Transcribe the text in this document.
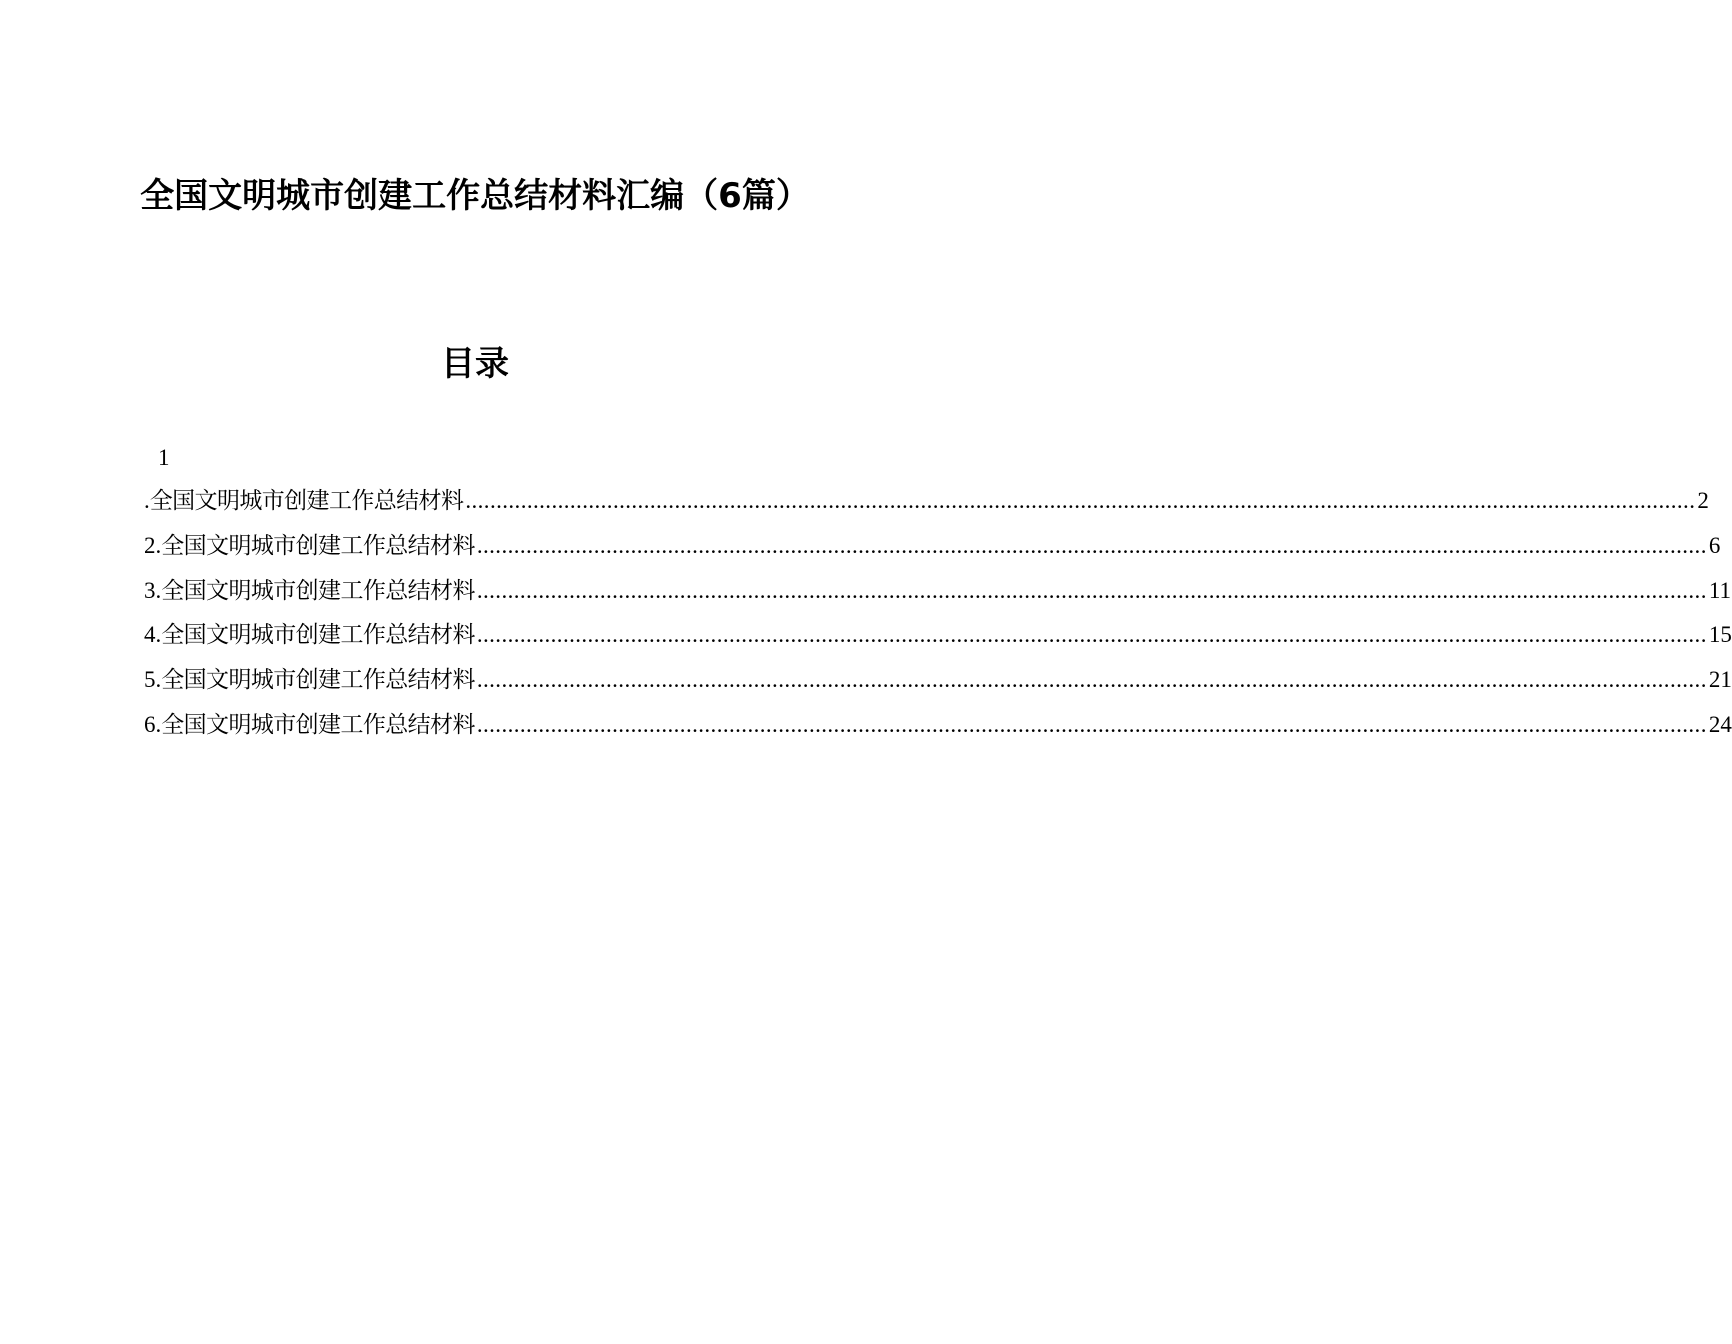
全国文明城市创建工作总结材料汇编（6篇）
目录
1
. 全国文明城市创建工作总结材料 ........................................................................................................................................................................................................ 2
2. 全国文明城市创建工作总结材料 ........................................................................................................................................................................................................ 6
3. 全国文明城市创建工作总结材料 ........................................................................................................................................................................................................ 11
4. 全国文明城市创建工作总结材料 ........................................................................................................................................................................................................ 15
5. 全国文明城市创建工作总结材料 ........................................................................................................................................................................................................ 21
6. 全国文明城市创建工作总结材料 ........................................................................................................................................................................................................ 24
